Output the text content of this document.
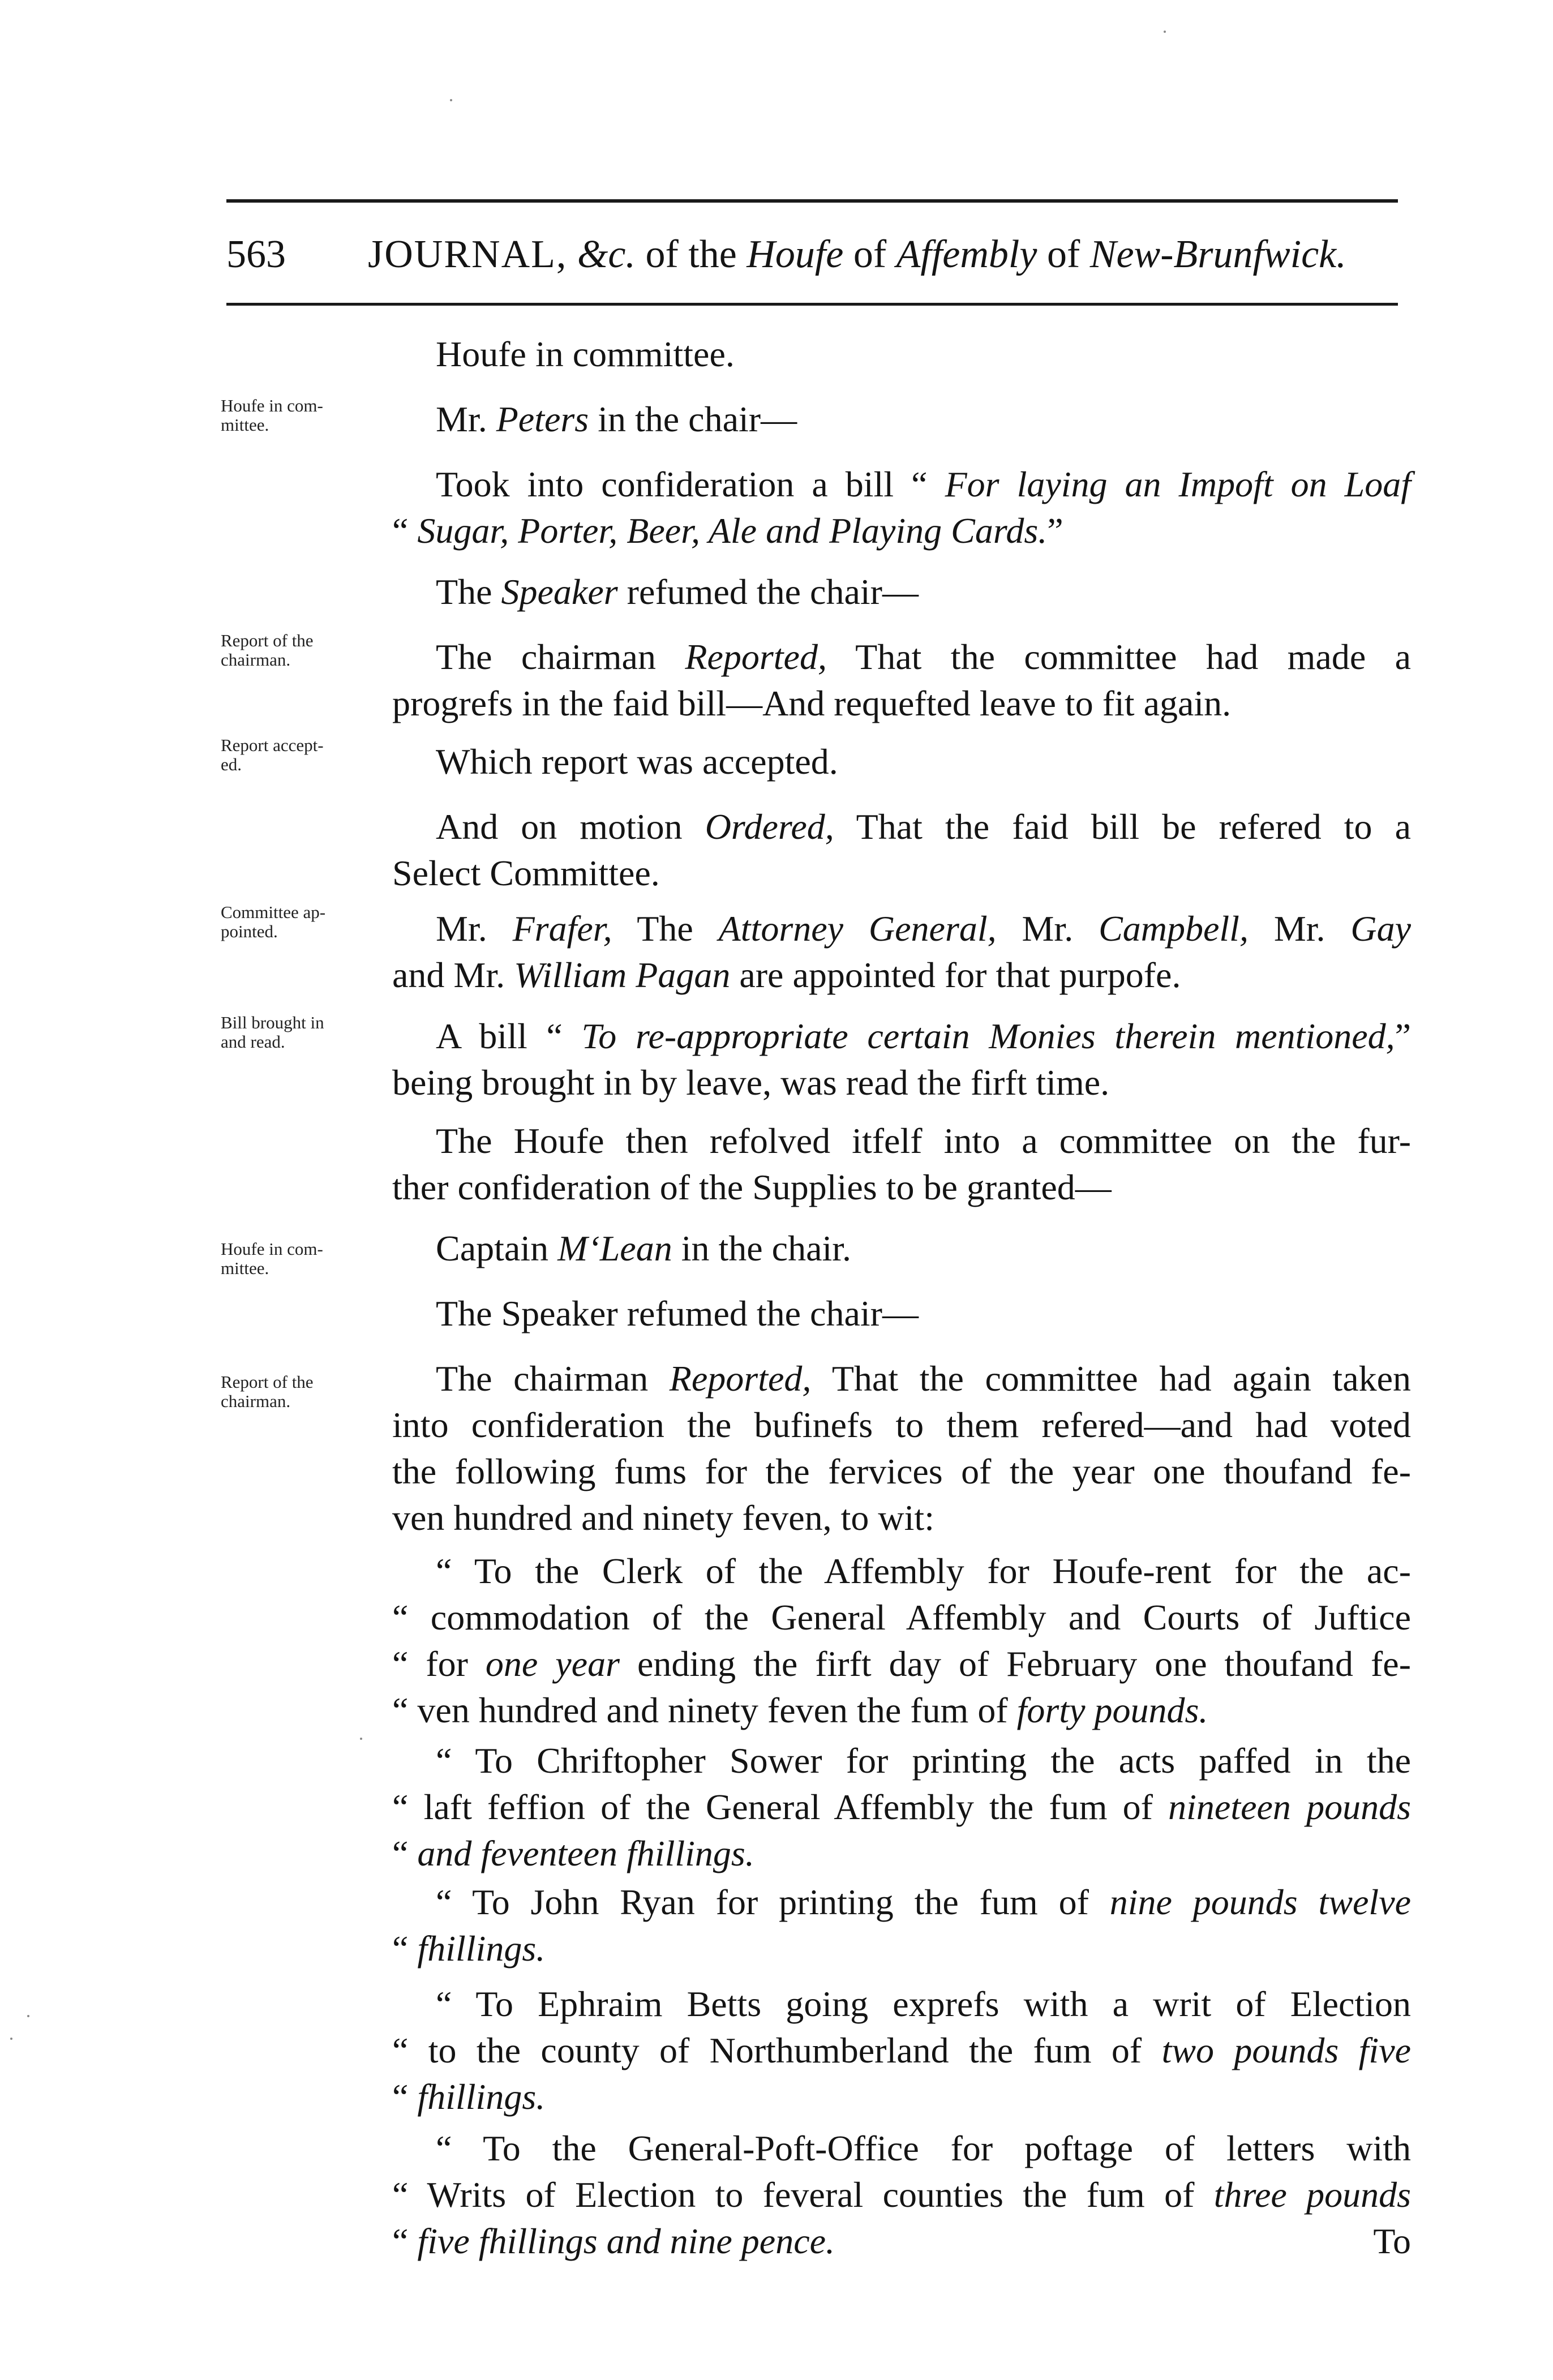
563 JOURNAL, &c. of the Houfe of Affembly of New-Brunfwick.
Houfe in com-
mittee.
Report of the
chairman.
Report accept-
ed.
Committee ap-
pointed.
Bill brought in
and read.
Houfe in com-
mittee.
Report of the
chairman.
Houfe in committee.
Mr. Peters in the chair—
Took into confideration a bill “ For laying an Impoft on Loaf
“ Sugar, Porter, Beer, Ale and Playing Cards.”
The Speaker refumed the chair—
The chairman Reported, That the committee had made a
progrefs in the faid bill—And requefted leave to fit again.
Which report was accepted.
And on motion Ordered, That the faid bill be refered to a
Select Committee.
Mr. Frafer, The Attorney General, Mr. Campbell, Mr. Gay
and Mr. William Pagan are appointed for that purpofe.
A bill “ To re-appropriate certain Monies therein mentioned,”
being brought in by leave, was read the firft time.
The Houfe then refolved itfelf into a committee on the fur-
ther confideration of the Supplies to be granted—
Captain M‘Lean in the chair.
The Speaker refumed the chair—
The chairman Reported, That the committee had again taken
into confideration the bufinefs to them refered—and had voted
the following fums for the fervices of the year one thoufand fe-
ven hundred and ninety feven, to wit:
“ To the Clerk of the Affembly for Houfe-rent for the ac-
“ commodation of the General Affembly and Courts of Juftice
“ for one year ending the firft day of February one thoufand fe-
“ ven hundred and ninety feven the fum of forty pounds.
“ To Chriftopher Sower for printing the acts paffed in the
“ laft feffion of the General Affembly the fum of nineteen pounds
“ and feventeen fhillings.
“ To John Ryan for printing the fum of nine pounds twelve
“ fhillings.
“ To Ephraim Betts going exprefs with a writ of Election
“ to the county of Northumberland the fum of two pounds five
“ fhillings.
“ To the General-Poft-Office for poftage of letters with
“ Writs of Election to feveral counties the fum of three pounds
“ five fhillings and nine pence.	To
